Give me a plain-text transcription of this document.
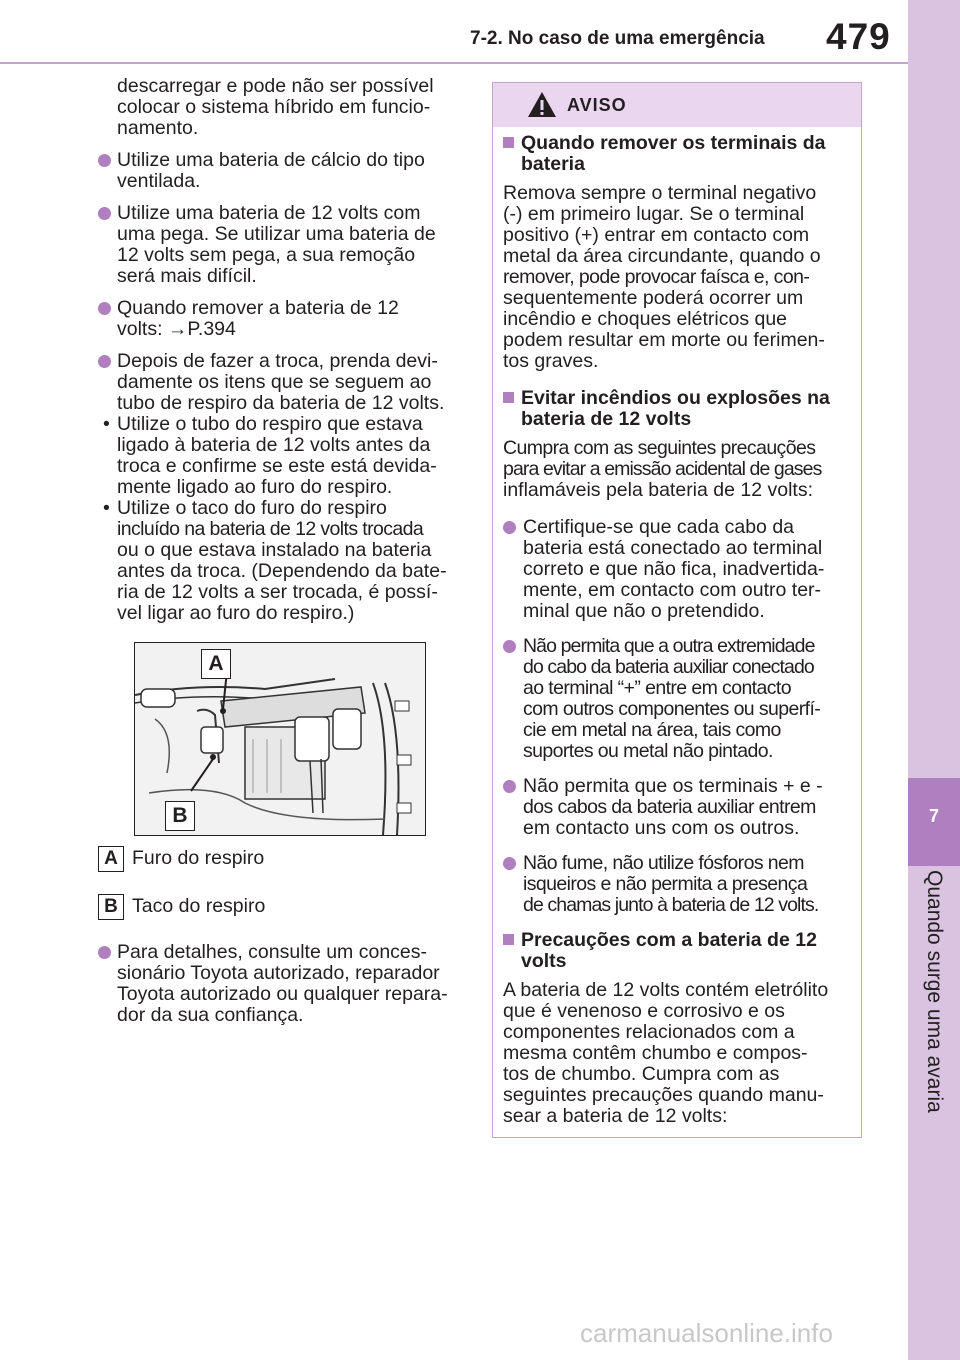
7-2. No caso de uma emergência 479
7
Quando surge uma avaria
descarregar e pode não ser possível
colocar o sistema híbrido em funcio-
namento.
Utilize uma bateria de cálcio do tipo
ventilada.
Utilize uma bateria de 12 volts com
uma pega. Se utilizar uma bateria de
12 volts sem pega, a sua remoção
será mais difícil.
Quando remover a bateria de 12
volts: →P.394
Depois de fazer a troca, prenda devi-
damente os itens que se seguem ao
tubo de respiro da bateria de 12 volts.
• Utilize o tubo do respiro que estava
ligado à bateria de 12 volts antes da
troca e confirme se este está devida-
mente ligado ao furo do respiro.
• Utilize o taco do furo do respiro
incluído na bateria de 12 volts trocada
ou o que estava instalado na bateria
antes da troca. (Dependendo da bate-
ria de 12 volts a ser trocada, é possí-
vel ligar ao furo do respiro.)
A
B
A Furo do respiro
B Taco do respiro
Para detalhes, consulte um conces-
sionário Toyota autorizado, reparador
Toyota autorizado ou qualquer repara-
dor da sua confiança.
AVISO
Quando remover os terminais da
bateria
Remova sempre o terminal negativo
(-) em primeiro lugar. Se o terminal
positivo (+) entrar em contacto com
metal da área circundante, quando o
remover, pode provocar faísca e, con-
sequentemente poderá ocorrer um
incêndio e choques elétricos que
podem resultar em morte ou ferimen-
tos graves.
Evitar incêndios ou explosões na
bateria de 12 volts
Cumpra com as seguintes precauções
para evitar a emissão acidental de gases
inflamáveis pela bateria de 12 volts:
Certifique-se que cada cabo da
bateria está conectado ao terminal
correto e que não fica, inadvertida-
mente, em contacto com outro ter-
minal que não o pretendido.
Não permita que a outra extremidade
do cabo da bateria auxiliar conectado
ao terminal “+” entre em contacto
com outros componentes ou superfí-
cie em metal na área, tais como
suportes ou metal não pintado.
Não permita que os terminais + e -
dos cabos da bateria auxiliar entrem
em contacto uns com os outros.
Não fume, não utilize fósforos nem
isqueiros e não permita a presença
de chamas junto à bateria de 12 volts.
Precauções com a bateria de 12
volts
A bateria de 12 volts contém eletrólito
que é venenoso e corrosivo e os
componentes relacionados com a
mesma contêm chumbo e compos-
tos de chumbo. Cumpra com as
seguintes precauções quando manu-
sear a bateria de 12 volts:
carmanualsonline.info
